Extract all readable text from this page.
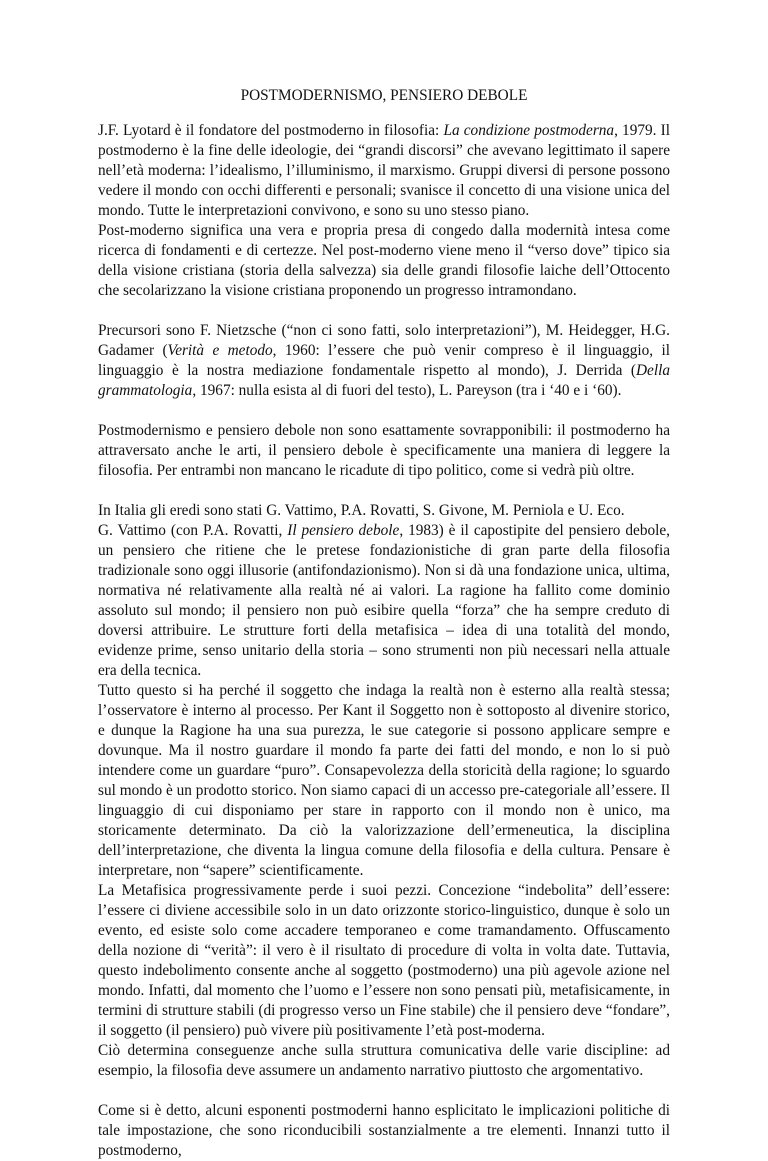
POSTMODERNISMO, PENSIERO DEBOLE

J.F. Lyotard è il fondatore del postmoderno in filosofia: La condizione postmoderna, 1979. Il postmoderno è la fine delle ideologie, dei “grandi discorsi” che avevano legittimato il sapere nell’età moderna: l’idealismo, l’illuminismo, il marxismo. Gruppi diversi di persone possono vedere il mondo con occhi differenti e personali; svanisce il concetto di una visione unica del mondo. Tutte le interpretazioni convivono, e sono su uno stesso piano.

Post-moderno significa una vera e propria presa di congedo dalla modernità intesa come ricerca di fondamenti e di certezze. Nel post-moderno viene meno il “verso dove” tipico sia della visione cristiana (storia della salvezza) sia delle grandi filosofie laiche dell’Ottocento che secolarizzano la visione cristiana proponendo un progresso intramondano.

Precursori sono F. Nietzsche (“non ci sono fatti, solo interpretazioni”), M. Heidegger, H.G. Gadamer (Verità e metodo, 1960: l’essere che può venir compreso è il linguaggio, il linguaggio è la nostra mediazione fondamentale rispetto al mondo), J. Derrida (Della grammatologia, 1967: nulla esista al di fuori del testo), L. Pareyson (tra i ‘40 e i ‘60).

Postmodernismo e pensiero debole non sono esattamente sovrapponibili: il postmoderno ha attraversato anche le arti, il pensiero debole è specificamente una maniera di leggere la filosofia. Per entrambi non mancano le ricadute di tipo politico, come si vedrà più oltre.

In Italia gli eredi sono stati G. Vattimo, P.A. Rovatti, S. Givone, M. Perniola e U. Eco.

G. Vattimo (con P.A. Rovatti, Il pensiero debole, 1983) è il capostipite del pensiero debole, un pensiero che ritiene che le pretese fondazionistiche di gran parte della filosofia tradizionale sono oggi illusorie (antifondazionismo). Non si dà una fondazione unica, ultima, normativa né relativamente alla realtà né ai valori. La ragione ha fallito come dominio assoluto sul mondo; il pensiero non può esibire quella “forza” che ha sempre creduto di doversi attribuire. Le strutture forti della metafisica – idea di una totalità del mondo, evidenze prime, senso unitario della storia – sono strumenti non più necessari nella attuale era della tecnica.

Tutto questo si ha perché il soggetto che indaga la realtà non è esterno alla realtà stessa; l’osservatore è interno al processo. Per Kant il Soggetto non è sottoposto al divenire storico, e dunque la Ragione ha una sua purezza, le sue categorie si possono applicare sempre e dovunque. Ma il nostro guardare il mondo fa parte dei fatti del mondo, e non lo si può intendere come un guardare “puro”. Consapevolezza della storicità della ragione; lo sguardo sul mondo è un prodotto storico. Non siamo capaci di un accesso pre-categoriale all’essere. Il linguaggio di cui disponiamo per stare in rapporto con il mondo non è unico, ma storicamente determinato. Da ciò la valorizzazione dell’ermeneutica, la disciplina dell’interpretazione, che diventa la lingua comune della filosofia e della cultura. Pensare è interpretare, non “sapere” scientificamente.

La Metafisica progressivamente perde i suoi pezzi. Concezione “indebolita” dell’essere: l’essere ci diviene accessibile solo in un dato orizzonte storico-linguistico, dunque è solo un evento, ed esiste solo come accadere temporaneo e come tramandamento. Offuscamento della nozione di “verità”: il vero è il risultato di procedure di volta in volta date. Tuttavia, questo indebolimento consente anche al soggetto (postmoderno) una più agevole azione nel mondo. Infatti, dal momento che l’uomo e l’essere non sono pensati più, metafisicamente, in termini di strutture stabili (di progresso verso un Fine stabile) che il pensiero deve “fondare”, il soggetto (il pensiero) può vivere più positivamente l’età post-moderna.

Ciò determina conseguenze anche sulla struttura comunicativa delle varie discipline: ad esempio, la filosofia deve assumere un andamento narrativo piuttosto che argomentativo.

Come si è detto, alcuni esponenti postmoderni hanno esplicitato le implicazioni politiche di tale impostazione, che sono riconducibili sostanzialmente a tre elementi. Innanzi tutto il postmoderno,
